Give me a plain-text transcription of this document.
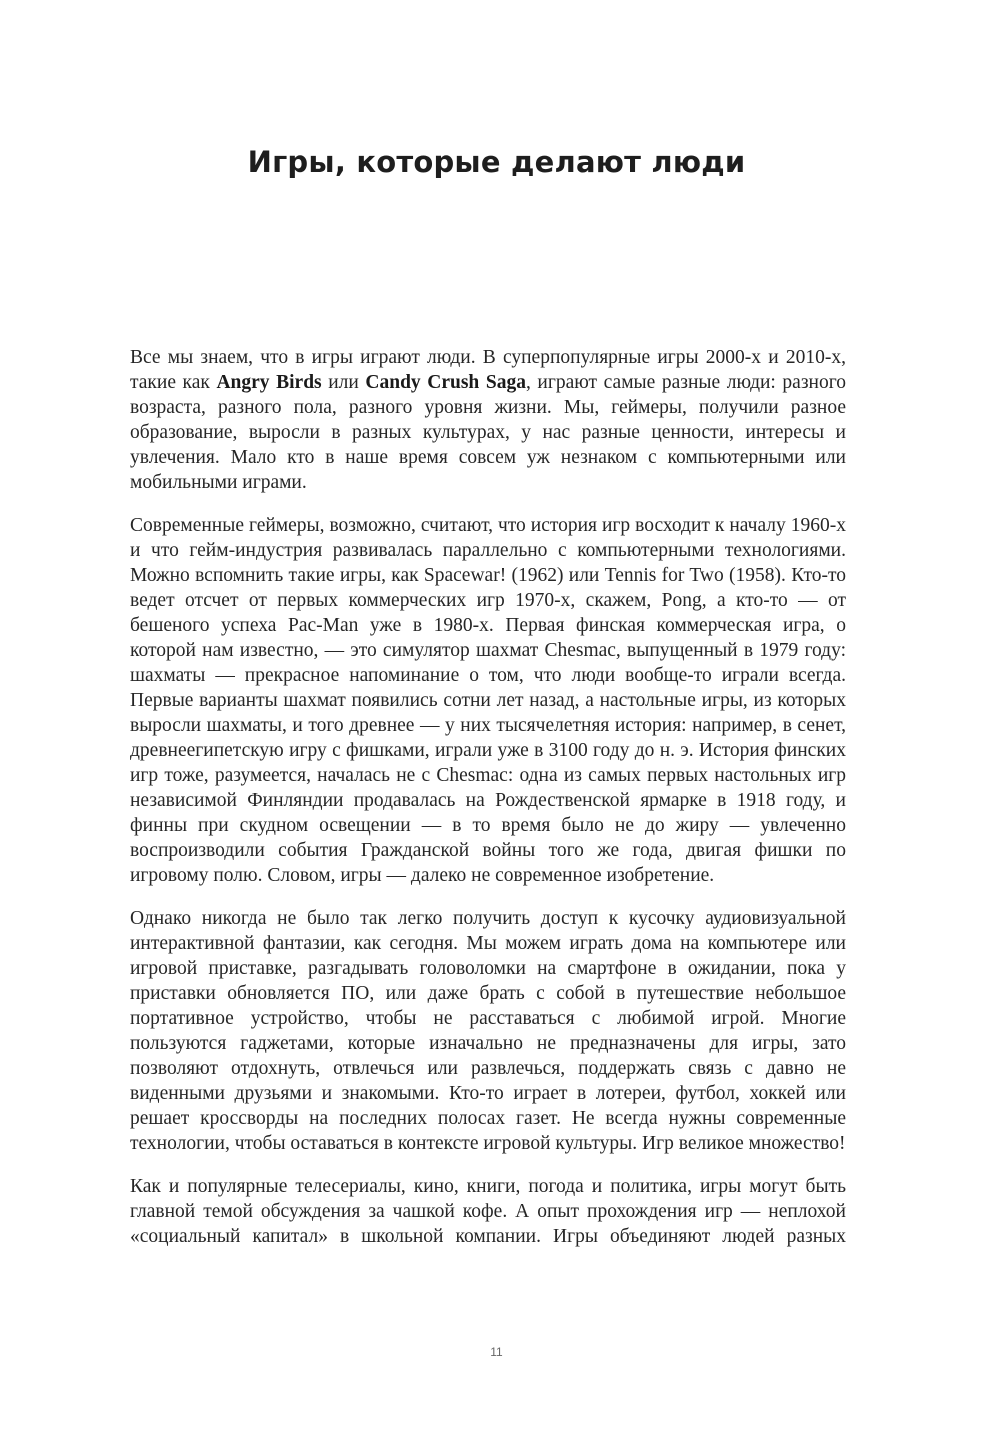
Игры, которые делают люди

Все мы знаем, что в игры играют люди. В суперпопулярные игры 2000-х и 2010-х, такие как Angry Birds или Candy Crush Saga, играют самые разные люди: разного возраста, разного пола, разного уровня жизни. Мы, геймеры, получили разное образование, выросли в разных культурах, у нас разные ценности, интересы и увлечения. Мало кто в наше время совсем уж незнаком с компьютерными или мобильными играми.

Современные геймеры, возможно, считают, что история игр восходит к началу 1960-х и что гейм-индустрия развивалась параллельно с компьютерными технологиями. Можно вспомнить такие игры, как Spacewar! (1962) или Tennis for Two (1958). Кто-то ведет отсчет от первых коммерческих игр 1970-х, скажем, Pong, а кто-то — от бешеного успеха Pac-Man уже в 1980-х. Первая финская коммерческая игра, о которой нам известно, — это симулятор шахмат Chesmac, выпущенный в 1979 году: шахматы — прекрасное напоминание о том, что люди вообще-то играли всегда. Первые варианты шахмат появились сотни лет назад, а настольные игры, из которых выросли шахматы, и того древнее — у них тысячелетняя история: например, в сенет, древнеегипетскую игру с фишками, играли уже в 3100 году до н. э. История финских игр тоже, разумеется, началась не с Chesmac: одна из самых первых настольных игр независимой Финляндии продавалась на Рождественской ярмарке в 1918 году, и финны при скудном освещении — в то время было не до жиру — увлеченно воспроизводили события Гражданской войны того же года, двигая фишки по игровому полю. Словом, игры — далеко не современное изобретение.

Однако никогда не было так легко получить доступ к кусочку аудиовизуальной интерактивной фантазии, как сегодня. Мы можем играть дома на компьютере или игровой приставке, разгадывать головоломки на смартфоне в ожидании, пока у приставки обновляется ПО, или даже брать с собой в путешествие небольшое портативное устройство, чтобы не расставаться с любимой игрой. Многие пользуются гаджетами, которые изначально не предназначены для игры, зато позволяют отдохнуть, отвлечься или развлечься, поддержать связь с давно не виденными друзьями и знакомыми. Кто-то играет в лотереи, футбол, хоккей или решает кроссворды на последних полосах газет. Не всегда нужны современные технологии, чтобы оставаться в контексте игровой культуры. Игр великое множество!

Как и популярные телесериалы, кино, книги, погода и политика, игры могут быть главной темой обсуждения за чашкой кофе. А опыт прохождения игр — неплохой «социальный капитал» в школьной компании. Игры объединяют людей разных

11
